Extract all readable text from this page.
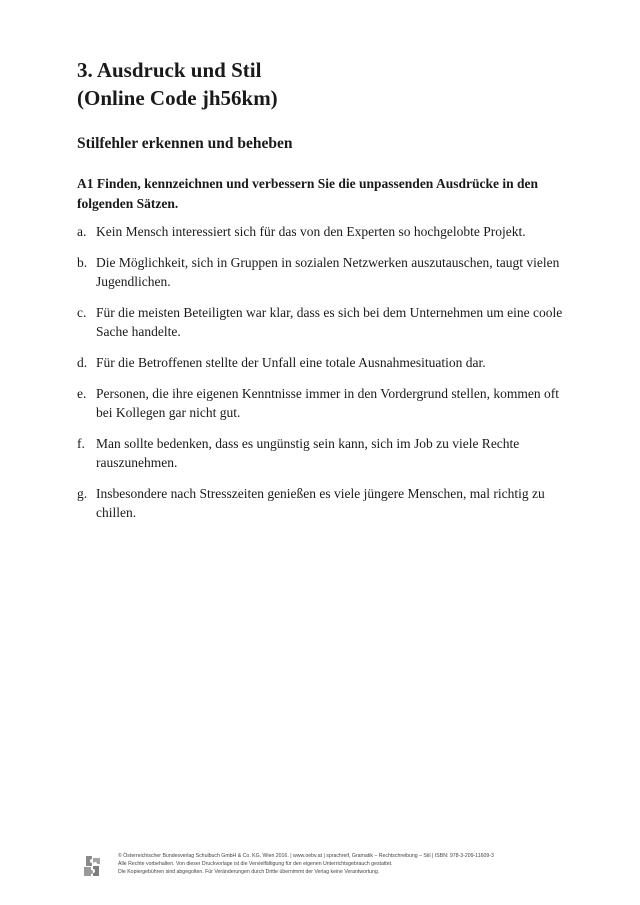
3. Ausdruck und Stil
(Online Code jh56km)
Stilfehler erkennen und beheben

A1 Finden, kennzeichnen und verbessern Sie die unpassenden Ausdrücke in den folgenden Sätzen.

a. Kein Mensch interessiert sich für das von den Experten so hochgelobte Projekt.
b. Die Möglichkeit, sich in Gruppen in sozialen Netzwerken auszutauschen, taugt vielen Jugendlichen.
c. Für die meisten Beteiligten war klar, dass es sich bei dem Unternehmen um eine coole Sache handelte.
d. Für die Betroffenen stellte der Unfall eine totale Ausnahmesituation dar.
e. Personen, die ihre eigenen Kenntnisse immer in den Vordergrund stellen, kommen oft bei Kollegen gar nicht gut.
f. Man sollte bedenken, dass es ungünstig sein kann, sich im Job zu viele Rechte rauszunehmen.
g. Insbesondere nach Stresszeiten genießen es viele jüngere Menschen, mal richtig zu chillen.
© Österreichischer Bundesverlag Schulbuch GmbH & Co. KG, Wien 2016. | www.oebv.at | sprachreif, Gramatik – Rechtschreibung – Stil | ISBN: 978-3-209-11609-3
Alle Rechte vorbehalten. Von dieser Druckvorlage ist die Vervielfältigung für den eigenen Unterrichtsgebrauch gestattet.
Die Kopiergebühren sind abgegolten. Für Veränderungen durch Dritte übernimmt der Verlag keine Verantwortung.
